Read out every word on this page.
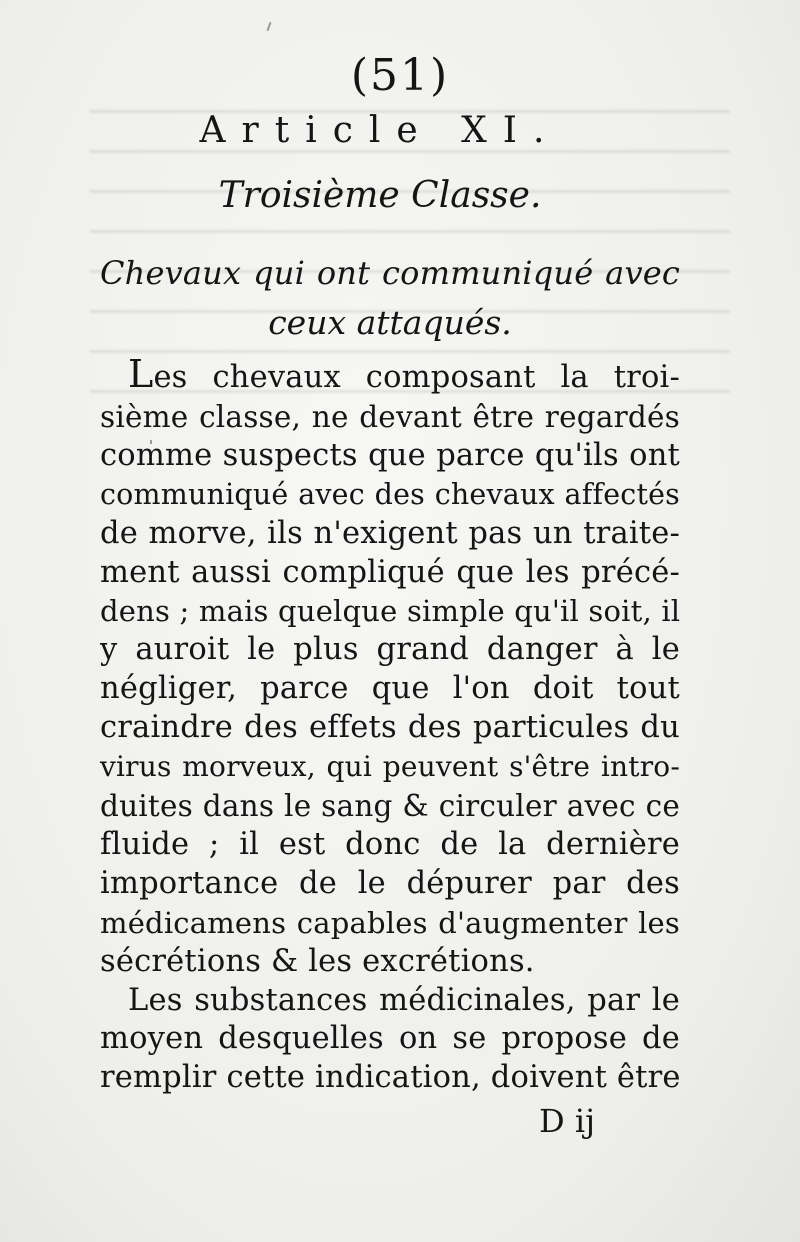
(51)
Article XI.
Troisième Classe.
Chevaux qui ont communiqué avec
ceux attaqués.
Les chevaux composant la troi-
sième classe, ne devant être regardés
comme suspects que parce qu'ils ont
communiqué avec des chevaux affectés
de morve, ils n'exigent pas un traite-
ment aussi compliqué que les précé-
dens ; mais quelque simple qu'il soit, il
y auroit le plus grand danger à le
négliger, parce que l'on doit tout
craindre des effets des particules du
virus morveux, qui peuvent s'être intro-
duites dans le sang & circuler avec ce
fluide ; il est donc de la dernière
importance de le dépurer par des
médicamens capables d'augmenter les
sécrétions & les excrétions.
Les substances médicinales, par le
moyen desquelles on se propose de
remplir cette indication, doivent être
D ij
